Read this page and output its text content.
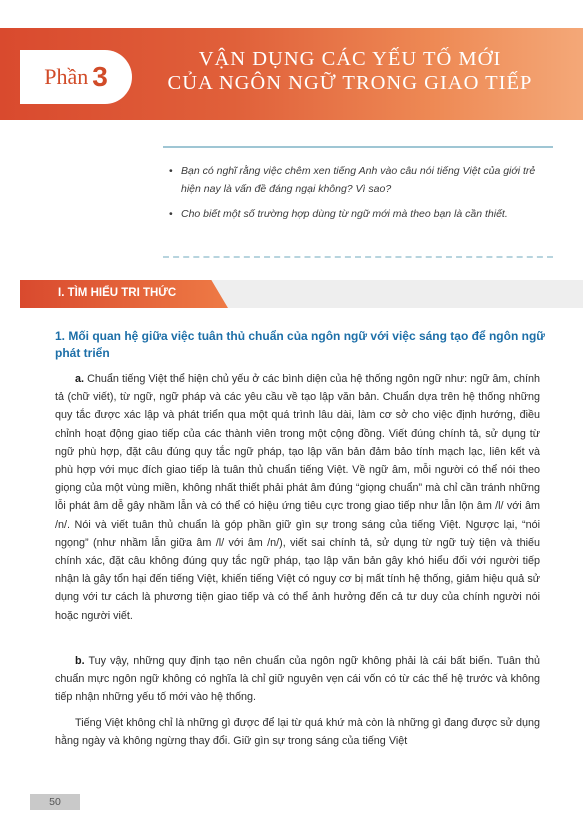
Phần 3
VẬN DỤNG CÁC YẾU TỐ MỚI
CỦA NGÔN NGỮ TRONG GIAO TIẾP
• Bạn có nghĩ rằng việc chêm xen tiếng Anh vào câu nói tiếng Việt của giới trẻ hiện nay là vấn đề đáng ngại không? Vì sao?
• Cho biết một số trường hợp dùng từ ngữ mới mà theo bạn là cần thiết.
I. TÌM HIỂU TRI THỨC
1. Mối quan hệ giữa việc tuân thủ chuẩn của ngôn ngữ với việc sáng tạo để ngôn ngữ phát triển

a. Chuẩn tiếng Việt thể hiện chủ yếu ở các bình diện của hệ thống ngôn ngữ như: ngữ âm, chính tả (chữ viết), từ ngữ, ngữ pháp và các yêu cầu về tạo lập văn bản. Chuẩn dựa trên hệ thống những quy tắc được xác lập và phát triển qua một quá trình lâu dài, làm cơ sở cho việc định hướng, điều chỉnh hoạt động giao tiếp của các thành viên trong một cộng đồng. Viết đúng chính tả, sử dụng từ ngữ phù hợp, đặt câu đúng quy tắc ngữ pháp, tạo lập văn bản đảm bảo tính mạch lạc, liên kết và phù hợp với mục đích giao tiếp là tuân thủ chuẩn tiếng Việt. Về ngữ âm, mỗi người có thể nói theo giọng của một vùng miền, không nhất thiết phải phát âm đúng “giọng chuẩn” mà chỉ cần tránh những lỗi phát âm dễ gây nhầm lẫn và có thể có hiệu ứng tiêu cực trong giao tiếp như lẫn lộn âm /l/ với âm /n/. Nói và viết tuân thủ chuẩn là góp phần giữ gìn sự trong sáng của tiếng Việt. Ngược lại, “nói ngọng” (như nhầm lẫn giữa âm /l/ với âm /n/), viết sai chính tả, sử dụng từ ngữ tuỳ tiện và thiếu chính xác, đặt câu không đúng quy tắc ngữ pháp, tạo lập văn bản gây khó hiểu đối với người tiếp nhận là gây tổn hại đến tiếng Việt, khiến tiếng Việt có nguy cơ bị mất tính hệ thống, giảm hiệu quả sử dụng với tư cách là phương tiện giao tiếp và có thể ảnh hưởng đến cả tư duy của chính người nói hoặc người viết.

b. Tuy vậy, những quy định tạo nên chuẩn của ngôn ngữ không phải là cái bất biến. Tuân thủ chuẩn mực ngôn ngữ không có nghĩa là chỉ giữ nguyên vẹn cái vốn có từ các thế hệ trước và không tiếp nhận những yếu tố mới vào hệ thống.

Tiếng Việt không chỉ là những gì được để lại từ quá khứ mà còn là những gì đang được sử dụng hằng ngày và không ngừng thay đổi. Giữ gìn sự trong sáng của tiếng Việt

50
